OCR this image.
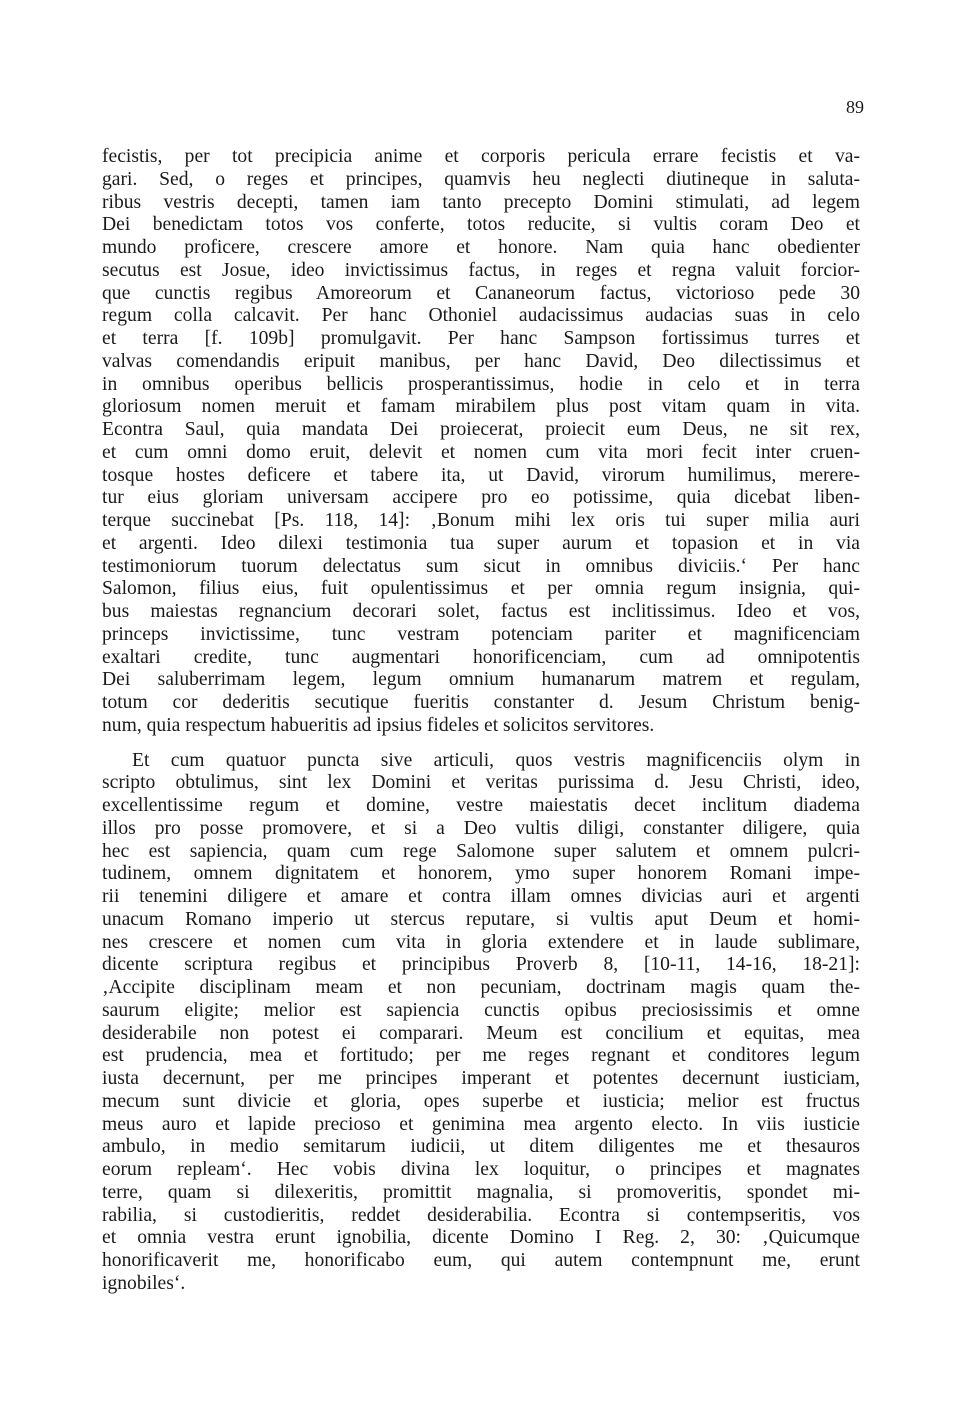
89
fecistis, per tot precipicia anime et corporis pericula errare fecistis et va-
gari. Sed, o reges et principes, quamvis heu neglecti diutineque in saluta-
ribus vestris decepti, tamen iam tanto precepto Domini stimulati, ad legem
Dei benedictam totos vos conferte, totos reducite, si vultis coram Deo et
mundo proficere, crescere amore et honore. Nam quia hanc obedienter
secutus est Josue, ideo invictissimus factus, in reges et regna valuit forcior-
que cunctis regibus Amoreorum et Cananeorum factus, victorioso pede 30
regum colla calcavit. Per hanc Othoniel audacissimus audacias suas in celo
et terra [f. 109b] promulgavit. Per hanc Sampson fortissimus turres et
valvas comendandis eripuit manibus, per hanc David, Deo dilectissimus et
in omnibus operibus bellicis prosperantissimus, hodie in celo et in terra
gloriosum nomen meruit et famam mirabilem plus post vitam quam in vita.
Econtra Saul, quia mandata Dei proiecerat, proiecit eum Deus, ne sit rex,
et cum omni domo eruit, delevit et nomen cum vita mori fecit inter cruen-
tosque hostes deficere et tabere ita, ut David, virorum humilimus, merere-
tur eius gloriam universam accipere pro eo potissime, quia dicebat liben-
terque succinebat [Ps. 118, 14]: ‚Bonum mihi lex oris tui super milia auri
et argenti. Ideo dilexi testimonia tua super aurum et topasion et in via
testimoniorum tuorum delectatus sum sicut in omnibus diviciis.‘ Per hanc
Salomon, filius eius, fuit opulentissimus et per omnia regum insignia, qui-
bus maiestas regnancium decorari solet, factus est inclitissimus. Ideo et vos,
princeps invictissime, tunc vestram potenciam pariter et magnificenciam
exaltari credite, tunc augmentari honorificenciam, cum ad omnipotentis
Dei saluberrimam legem, legum omnium humanarum matrem et regulam,
totum cor dederitis secutique fueritis constanter d. Jesum Christum benig-
num, quia respectum habueritis ad ipsius fideles et solicitos servitores.
Et cum quatuor puncta sive articuli, quos vestris magnificenciis olym in
scripto obtulimus, sint lex Domini et veritas purissima d. Jesu Christi, ideo,
excellentissime regum et domine, vestre maiestatis decet inclitum diadema
illos pro posse promovere, et si a Deo vultis diligi, constanter diligere, quia
hec est sapiencia, quam cum rege Salomone super salutem et omnem pulcri-
tudinem, omnem dignitatem et honorem, ymo super honorem Romani impe-
rii tenemini diligere et amare et contra illam omnes divicias auri et argenti
unacum Romano imperio ut stercus reputare, si vultis aput Deum et homi-
nes crescere et nomen cum vita in gloria extendere et in laude sublimare,
dicente scriptura regibus et principibus Proverb 8, [10-11, 14-16, 18-21]:
‚Accipite disciplinam meam et non pecuniam, doctrinam magis quam the-
saurum eligite; melior est sapiencia cunctis opibus preciosissimis et omne
desiderabile non potest ei comparari. Meum est concilium et equitas, mea
est prudencia, mea et fortitudo; per me reges regnant et conditores legum
iusta decernunt, per me principes imperant et potentes decernunt iusticiam,
mecum sunt divicie et gloria, opes superbe et iusticia; melior est fructus
meus auro et lapide precioso et genimina mea argento electo. In viis iusticie
ambulo, in medio semitarum iudicii, ut ditem diligentes me et thesauros
eorum repleam‘. Hec vobis divina lex loquitur, o principes et magnates
terre, quam si dilexeritis, promittit magnalia, si promoveritis, spondet mi-
rabilia, si custodieritis, reddet desiderabilia. Econtra si contempseritis, vos
et omnia vestra erunt ignobilia, dicente Domino I Reg. 2, 30: ‚Quicumque
honorificaverit me, honorificabo eum, qui autem contempnunt me, erunt
ignobiles‘.
